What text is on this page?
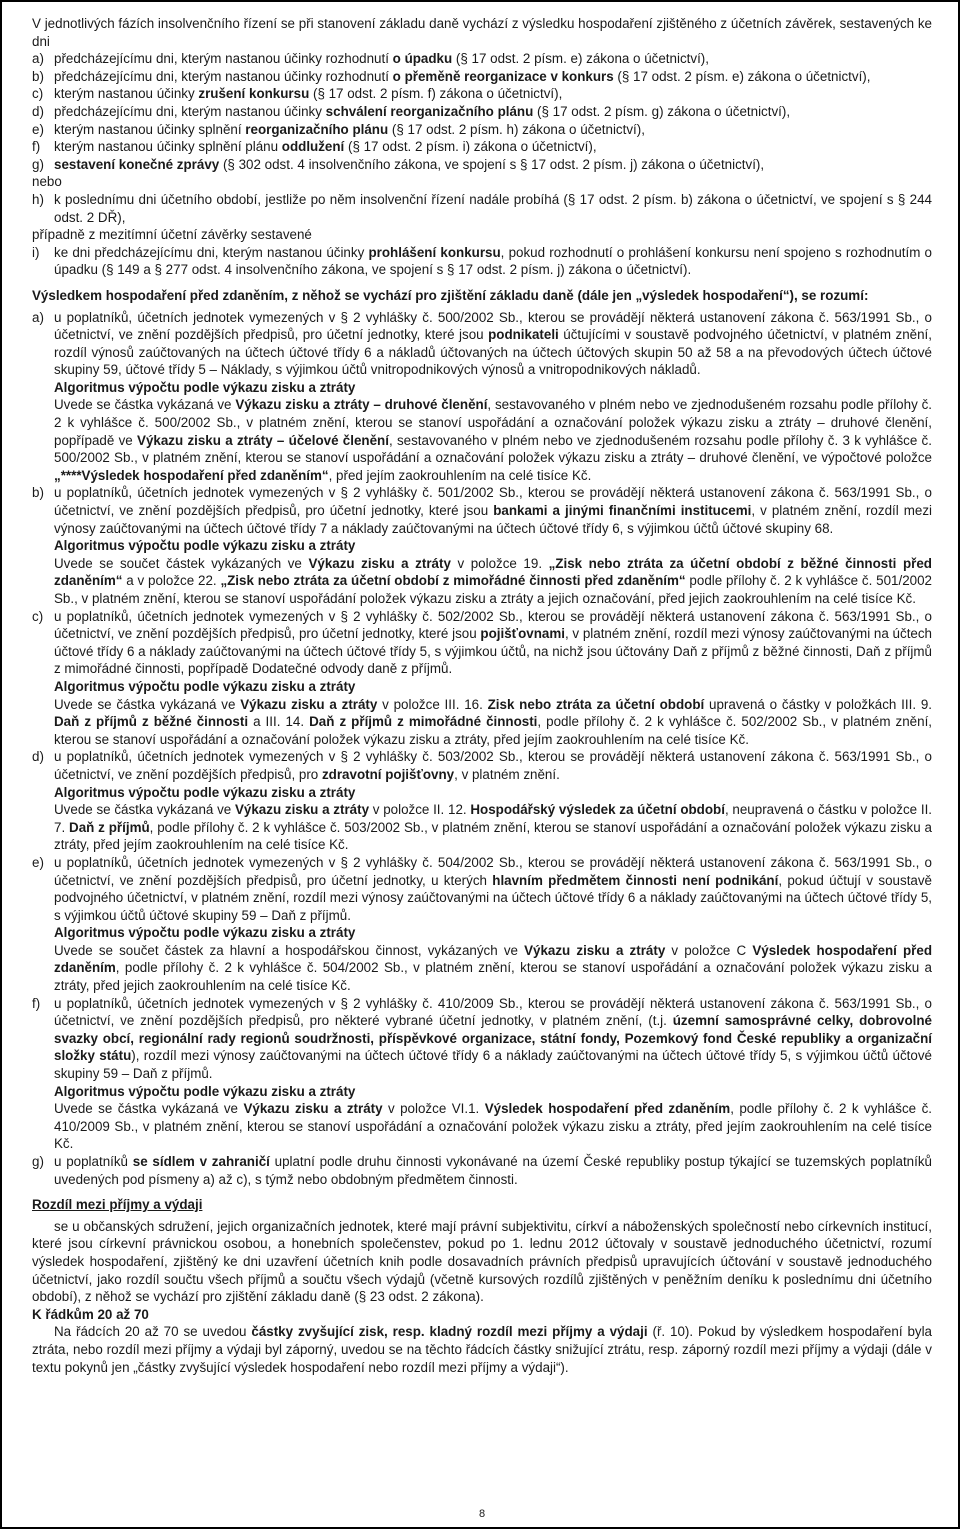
V jednotlivých fázích insolvenčního řízení se při stanovení základu daně vychází z výsledku hospodaření zjištěného z účetních závěrek, sestavených ke dni

a) předcházejícímu dni, kterým nastanou účinky rozhodnutí o úpadku (§ 17 odst. 2 písm. e) zákona o účetnictví),
b) předcházejícímu dni, kterým nastanou účinky rozhodnutí o přeměně reorganizace v konkurs (§ 17 odst. 2 písm. e) zákona o účetnictví),
c) kterým nastanou účinky zrušení konkursu (§ 17 odst. 2 písm. f) zákona o účetnictví),
d) předcházejícímu dni, kterým nastanou účinky schválení reorganizačního plánu (§ 17 odst. 2 písm. g) zákona o účetnictví),
e) kterým nastanou účinky splnění reorganizačního plánu (§ 17 odst. 2 písm. h) zákona o účetnictví),
f)	kterým nastanou účinky splnění plánu oddlužení (§ 17 odst. 2 písm. i) zákona o účetnictví),
g) sestavení konečné zprávy (§ 302 odst. 4 insolvenčního zákona, ve spojení s § 17 odst. 2 písm. j) zákona o účetnictví),

nebo

h) k poslednímu dni účetního období, jestliže po něm insolvenční řízení nadále probíhá (§ 17 odst. 2 písm. b) zákona o účetnictví, ve spojení s § 244 odst. 2 DŘ),

případně z mezitímní účetní závěrky sestavené

i)	ke dni předcházejícímu dni, kterým nastanou účinky prohlášení konkursu, pokud rozhodnutí o prohlášení konkursu není spojeno s rozhodnutím o úpadku (§ 149 a § 277 odst. 4 insolvenčního zákona, ve spojení s § 17 odst. 2 písm. j) zákona o účetnictví).

Výsledkem hospodaření před zdaněním, z něhož se vychází pro zjištění základu daně (dále jen „výsledek hospodaření“), se rozumí:

a) u poplatníků, účetních jednotek vymezených v § 2 vyhlášky č. 500/2002 Sb., kterou se provádějí některá ustanovení zákona č. 563/1991 Sb., o účetnictví, ve znění pozdějších předpisů, pro účetní jednotky, které jsou podnikateli účtujícími v soustavě podvojného účetnictví, v platném znění, rozdíl výnosů zaúčtovaných na účtech účtové třídy 6 a nákladů účtovaných na účtech účtových skupin 50 až 58 a na převodových účtech účtové skupiny 59, účtové třídy 5 – Náklady, s výjimkou účtů vnitropodnikových výnosů a vnitropodnikových nákladů.

Algoritmus výpočtu podle výkazu zisku a ztráty

Uvede se částka vykázaná ve Výkazu zisku a ztráty – druhové členění, sestavovaného v plném nebo ve zjednodušeném rozsahu podle přílohy č. 2 k vyhlášce č. 500/2002 Sb., v platném znění, kterou se stanoví uspořádání a označování položek výkazu zisku a ztráty – druhové členění, popřípadě ve Výkazu zisku a ztráty – účelové členění, sestavovaného v plném nebo ve zjednodušeném rozsahu podle přílohy č. 3 k vyhlášce č. 500/2002 Sb., v platném znění, kterou se stanoví uspořádání a označování položek výkazu zisku a ztráty – druhové členění, ve výpočtové položce „****Výsledek hospodaření před zdaněním“, před jejím zaokrouhlením na celé tisíce Kč.

b) u poplatníků, účetních jednotek vymezených v § 2 vyhlášky č. 501/2002 Sb., kterou se provádějí některá ustanovení zákona č. 563/1991 Sb., o účetnictví, ve znění pozdějších předpisů, pro účetní jednotky, které jsou bankami a jinými finančními institucemi, v platném znění, rozdíl mezi výnosy zaúčtovanými na účtech účtové třídy 7 a náklady zaúčtovanými na účtech účtové třídy 6, s výjimkou účtů účtové skupiny 68.

Algoritmus výpočtu podle výkazu zisku a ztráty

Uvede se součet částek vykázaných ve Výkazu zisku a ztráty v položce 19. „Zisk nebo ztráta za účetní období z běžné činnosti před zdaněním“ a v položce 22. „Zisk nebo ztráta za účetní období z mimořádné činnosti před zdaněním“ podle přílohy č. 2 k vyhlášce č. 501/2002 Sb., v platném znění, kterou se stanoví uspořádání položek výkazu zisku a ztráty a jejich označování, před jejich zaokrouhlením na celé tisíce Kč.

c) u poplatníků, účetních jednotek vymezených v § 2 vyhlášky č. 502/2002 Sb., kterou se provádějí některá ustanovení zákona č. 563/1991 Sb., o účetnictví, ve znění pozdějších předpisů, pro účetní jednotky, které jsou pojišťovnami, v platném znění, rozdíl mezi výnosy zaúčtovanými na účtech účtové třídy 6 a náklady zaúčtovanými na účtech účtové třídy 5, s výjimkou účtů, na nichž jsou účtovány Daň z příjmů z běžné činnosti, Daň z příjmů z mimořádné činnosti, popřípadě Dodatečné odvody daně z příjmů.

Algoritmus výpočtu podle výkazu zisku a ztráty

Uvede se částka vykázaná ve Výkazu zisku a ztráty v položce III. 16. Zisk nebo ztráta za účetní období upravená o částky v položkách III. 9. Daň z příjmů z běžné činnosti a III. 14. Daň z příjmů z mimořádné činnosti, podle přílohy č. 2 k vyhlášce č. 502/2002 Sb., v platném znění, kterou se stanoví uspořádání a označování položek výkazu zisku a ztráty, před jejím zaokrouhlením na celé tisíce Kč.

d) u poplatníků, účetních jednotek vymezených v § 2 vyhlášky č. 503/2002 Sb., kterou se provádějí některá ustanovení zákona č. 563/1991 Sb., o účetnictví, ve znění pozdějších předpisů, pro zdravotní pojišťovny, v platném znění.

Algoritmus výpočtu podle výkazu zisku a ztráty

Uvede se částka vykázaná ve Výkazu zisku a ztráty v položce II. 12. Hospodářský výsledek za účetní období, neupravená o částku v položce II. 7. Daň z příjmů, podle přílohy č. 2 k vyhlášce č. 503/2002 Sb., v platném znění, kterou se stanoví uspořádání a označování položek výkazu zisku a ztráty, před jejím zaokrouhlením na celé tisíce Kč.

e) u poplatníků, účetních jednotek vymezených v § 2 vyhlášky č. 504/2002 Sb., kterou se provádějí některá ustanovení zákona č. 563/1991 Sb., o účetnictví, ve znění pozdějších předpisů, pro účetní jednotky, u kterých hlavním předmětem činnosti není podnikání, pokud účtují v soustavě podvojného účetnictví, v platném znění, rozdíl mezi výnosy zaúčtovanými na účtech účtové třídy 6 a náklady zaúčtovanými na účtech účtové třídy 5, s výjimkou účtů účtové skupiny 59 – Daň z příjmů.

Algoritmus výpočtu podle výkazu zisku a ztráty

Uvede se součet částek za hlavní a hospodářskou činnost, vykázaných ve Výkazu zisku a ztráty v položce C Výsledek hospodaření před zdaněním, podle přílohy č. 2 k vyhlášce č. 504/2002 Sb., v platném znění, kterou se stanoví uspořádání a označování položek výkazu zisku a ztráty, před jejich zaokrouhlením na celé tisíce Kč.

f)	u poplatníků, účetních jednotek vymezených v § 2 vyhlášky č. 410/2009 Sb., kterou se provádějí některá ustanovení zákona č. 563/1991 Sb., o účetnictví, ve znění pozdějších předpisů, pro některé vybrané účetní jednotky, v platném znění, (t.j. územní samosprávné celky, dobrovolné svazky obcí, regionální rady regionů soudržnosti, příspěvkové organizace, státní fondy, Pozemkový fond České republiky a organizační složky státu), rozdíl mezi výnosy zaúčtovanými na účtech účtové třídy 6 a náklady zaúčtovanými na účtech účtové třídy 5, s výjimkou účtů účtové skupiny 59 – Daň z příjmů.

Algoritmus výpočtu podle výkazu zisku a ztráty

Uvede se částka vykázaná ve Výkazu zisku a ztráty v položce VI.1. Výsledek hospodaření před zdaněním, podle přílohy č. 2 k vyhlášce č. 410/2009 Sb., v platném znění, kterou se stanoví uspořádání a označování položek výkazu zisku a ztráty, před jejím zaokrouhlením na celé tisíce Kč.

g) u poplatníků se sídlem v zahraničí uplatní podle druhu činnosti vykonávané na území České republiky postup týkající se tuzemských poplatníků uvedených pod písmeny a) až c), s týmž nebo obdobným předmětem činnosti.

Rozdíl mezi příjmy a výdaji

se u občanských sdružení, jejich organizačních jednotek, které mají právní subjektivitu, církví a náboženských společností nebo církevních institucí, které jsou církevní právnickou osobou, a honebních společenstev, pokud po 1. lednu 2012 účtovaly v soustavě jednoduchého účetnictví, rozumí výsledek hospodaření, zjištěný ke dni uzavření účetních knih podle dosavadních právních předpisů upravujících účtování v soustavě jednoduchého účetnictví, jako rozdíl součtu všech příjmů a součtu všech výdajů (včetně kursových rozdílů zjištěných v peněžním deníku k poslednímu dni účetního období), z něhož se vychází pro zjištění základu daně (§ 23 odst. 2 zákona).

K řádkům 20 až 70

Na řádcích 20 až 70 se uvedou částky zvyšující zisk, resp. kladný rozdíl mezi příjmy a výdaji (ř. 10). Pokud by výsledkem hospodaření byla ztráta, nebo rozdíl mezi příjmy a výdaji byl záporný, uvedou se na těchto řádcích částky snižující ztrátu, resp. záporný rozdíl mezi příjmy a výdaji (dále v textu pokynů jen „částky zvyšující výsledek hospodaření nebo rozdíl mezi příjmy a výdaji“).

8
